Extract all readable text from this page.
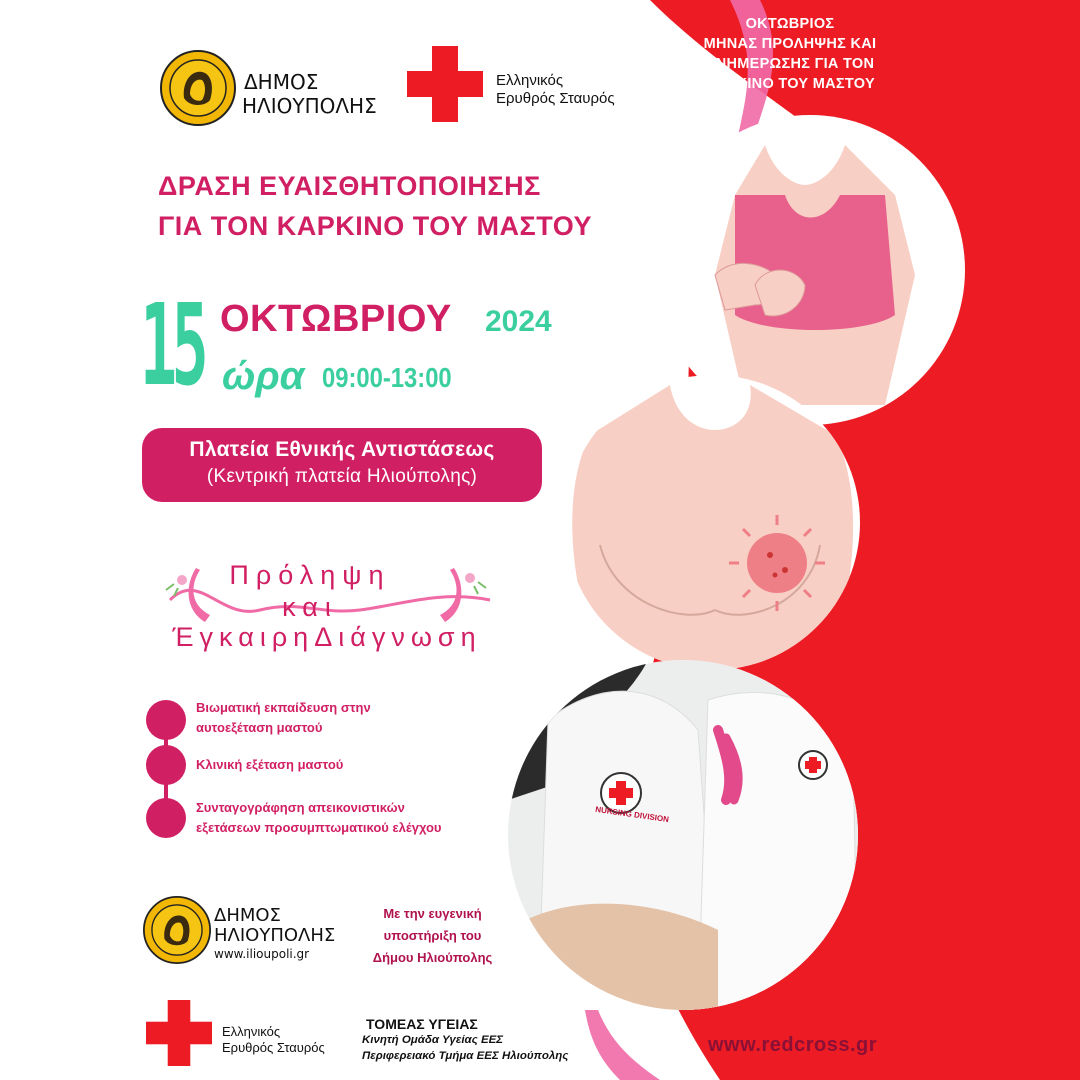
ΟΚΤΩΒΡΙΟΣ
ΜΗΝΑΣ ΠΡΟΛΗΨΗΣ ΚΑΙ
ΕΝΗΜΕΡΩΣΗΣ ΓΙΑ ΤΟΝ
ΚΑΡΚΙΝΟ ΤΟΥ ΜΑΣΤΟΥ
ΔΗΜΟΣ
ΗΛΙΟΥΠΟΛΗΣ
Ελληνικός
Ερυθρός Σταυρός
ΔΡΑΣΗ ΕΥΑΙΣΘΗΤΟΠΟΙΗΣΗΣ
ΓΙΑ ΤΟΝ ΚΑΡΚΙΝΟ ΤΟΥ ΜΑΣΤΟΥ
15 ΟΚΤΩΒΡΙΟΥ 2024
ώρα 09:00-13:00
Πλατεία Εθνικής Αντιστάσεως
(Κεντρική πλατεία Ηλιούπολης)
Πρόληψη
και
ΈγκαιρηΔιάγνωση
Βιωματική εκπαίδευση στην
αυτοεξέταση μαστού
Κλινική εξέταση μαστού
Συνταγογράφηση απεικονιστικών
εξετάσεων προσυμπτωματικού ελέγχου
NURSING DIVISION
ΔΗΜΟΣ
ΗΛΙΟΥΠΟΛΗΣ
www.ilioupoli.gr
Με την ευγενική
υποστήριξη του
Δήμου Ηλιούπολης
Ελληνικός
Ερυθρός Σταυρός
ΤΟΜΕΑΣ ΥΓΕΙΑΣ
Κινητή Ομάδα Υγείας ΕΕΣ
Περιφερειακό Τμήμα ΕΕΣ Ηλιούπολης	www.redcross.gr
